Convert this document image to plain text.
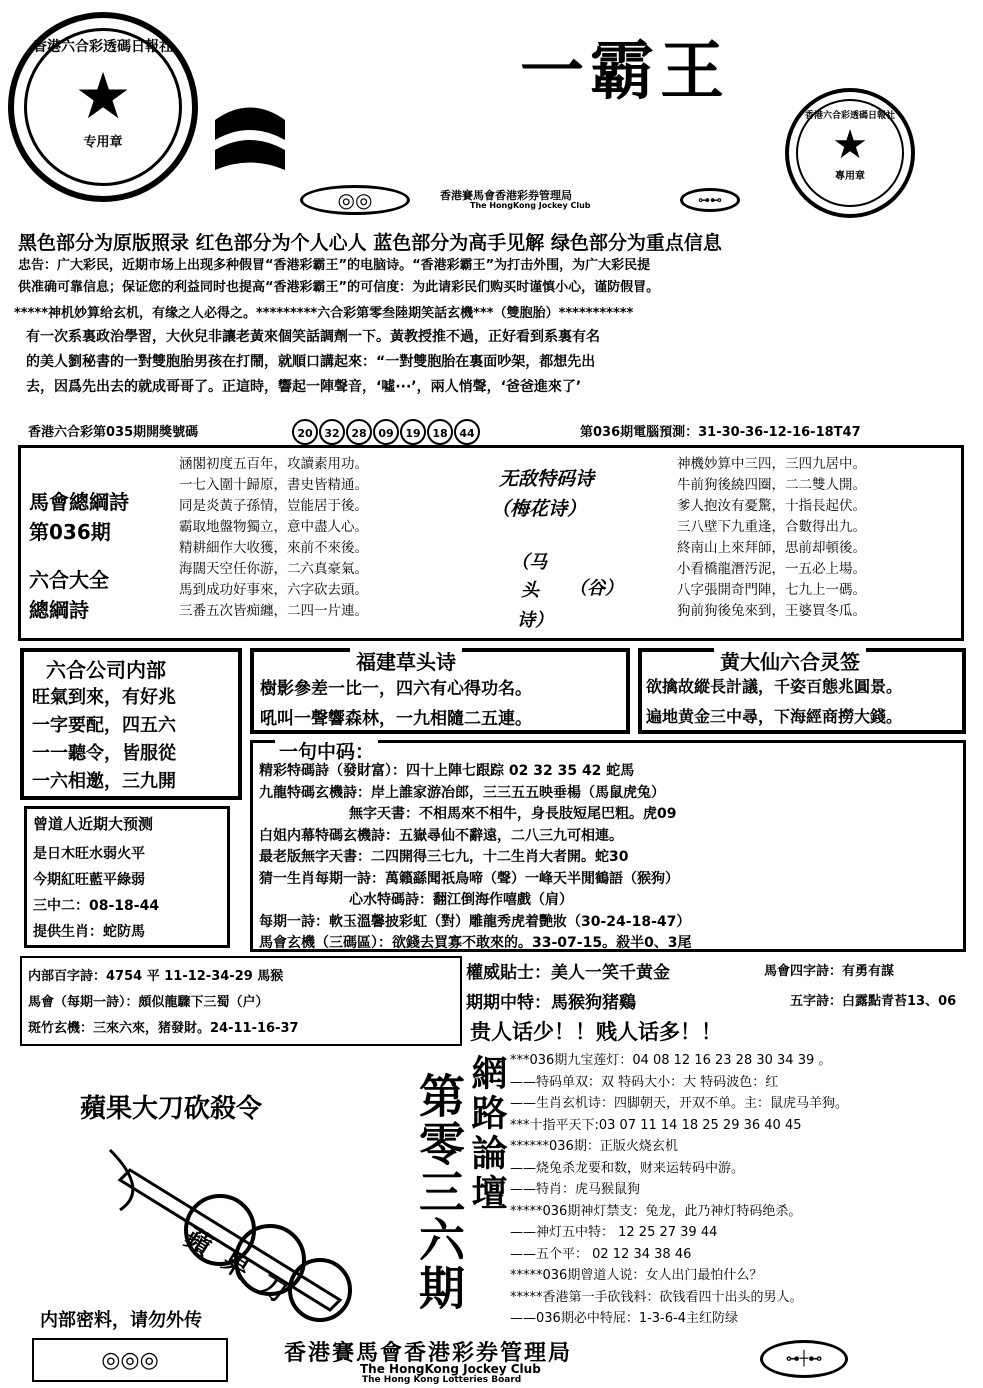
★
香港六合彩透碼日報社
专用章
一霸王
◎◎	香港賽馬會香港彩券管理局
The HongKong Jockey Club	⊶⊷
★
香港六合彩透碼日報社
專用章
黑色部分为原版照录 红色部分为个人心人 蓝色部分为高手见解 绿色部分为重点信息
忠告：广大彩民，近期市场上出现多种假冒“香港彩霸王”的电脑诗。“香港彩霸王”为打击外围，为广大彩民提
供准确可靠信息；保证您的利益同时也提高“香港彩霸王”的可信度：为此请彩民们购买时谨慎小心，谨防假冒。
*****神机妙算给玄机，有缘之人必得之。*********六合彩第零叁陸期笑話玄機***（雙胞胎）***********
有一次系裏政治學習，大伙兒非讓老黃來個笑話調劑一下。黃教授推不過，正好看到系裏有名
的美人劉秘書的一對雙胞胎男孩在打鬧，就順口講起來：“一對雙胞胎在裏面吵架，都想先出
去，因爲先出去的就成哥哥了。正這時，響起一陣聲音，‘噓···’，兩人悄聲，‘爸爸進來了’
香港六合彩第035期開獎號碼	20 32 28 09 19 18 44	第036期電腦預測：31-30-36-12-16-18T47
馬會總綱詩
第036期
六合大全
總綱詩
涵閣初度五百年，攻讀素用功。
一七入圍十歸原，書史皆精通。
同是炎黃子孫情，豈能居于後。
霸取地盤物獨立，意中盡人心。
精耕細作大收獲，來前不來後。
海闊天空任你游，二六真豪氣。
馬到成功好事來，六字砍去頭。
三番五次皆痴纏，二四一片連。
无敌特码诗
（梅花诗）
（马
头 （谷）
诗）
神機妙算中三四，三四九居中。
牛前狗後繞四圈，二二雙人開。
爹人抱汝有憂驚，十指長起伏。
三八壁下九重逢，合數得出九。
終南山上來拜師，思前却頓後。
小看橋龍潛汚泥，一五必上場。
八字張開奇門陣，七九上一碼。
狗前狗後兔來到，王婆買冬瓜。
六合公司内部
旺氣到來，有好兆
一字要配，四五六
一一聽令，皆服從
一六相邀，三九開
福建草头诗
樹影參差一比一，四六有心得功名。
吼叫一聲響森林，一九相隨二五連。
黄大仙六合灵签
欲擒故縱長計議，千姿百態兆圓景。
遍地黄金三中尋，下海經商撈大錢。
一句中码：
精彩特碼詩（發財富）：四十上陣七跟踪 02 32 35 42 蛇馬
九龍特碼玄機詩：岸上誰家游冶郎，三三五五映垂楊（馬鼠虎兔）
無字天書：不相馬來不相牛，身長肢短尾巴粗。虎09
白姐内幕特碼玄機詩：五嶽尋仙不辭遠，二八三九可相連。
最老版無字天書：二四開得三七九，十二生肖大者開。蛇30
猜一生肖每期一詩：萬籟繇聞祇鳥啼（聲）一峰天半閒鶴語（猴狗）
心水特碼詩：翻江倒海作嘻戲（肩）
每期一詩：軟玉溫馨披彩虹（對）雕龍秀虎着艷妝（30-24-18-47）
馬會玄機（三碼區）：欲錢去買寡不敢來的。33-07-15。殺半0、3尾
曾道人近期大预测
是日木旺水弱火平
今期紅旺藍平綠弱
三中二：08-18-44
提供生肖：蛇防馬
内部百字詩：4754 平 11-12-34-29 馬猴
馬會（每期一詩）：頗似龍驟下三蜀（户）
斑竹玄機：三來六來，猪發財。24-11-16-37
權威貼士：美人一笑千黄金	馬會四字詩：有勇有謀
期期中特：馬猴狗猪鷄	五字詩：白露點青苔13、06
贵人话少！！贱人话多！！
蘋果大刀砍殺令
蘋果刀
内部密料，请勿外传
第零三六期 網路論壇 ***036期九宝莲灯：04 08 12 16 23 28 30 34 39 。
——特码单双：双 特码大小：大 特码波色：红
——生肖玄机诗：四脚朝天，开双不单。主：鼠虎马羊狗。
***十指平天下:03 07 11 14 18 25 29 36 40 45
******036期：正版火烧玄机
——烧兔杀龙要和数，财来运转码中游。
——特肖：虎马猴鼠狗
*****036期神灯禁支：兔龙，此乃神灯特码绝杀。
——神灯五中特： 12 25 27 39 44
——五个平： 02 12 34 38 46
*****036期曾道人说：女人出门最怕什么？
*****香港第一手砍钱料：砍钱看四十出头的男人。
——036期必中特屁：1-3-6-4主红防绿
◎◎◎	香港賽馬會香港彩券管理局
The HongKong Jockey Club
The Hong Kong Lotteries Board
⊶┼⊷
